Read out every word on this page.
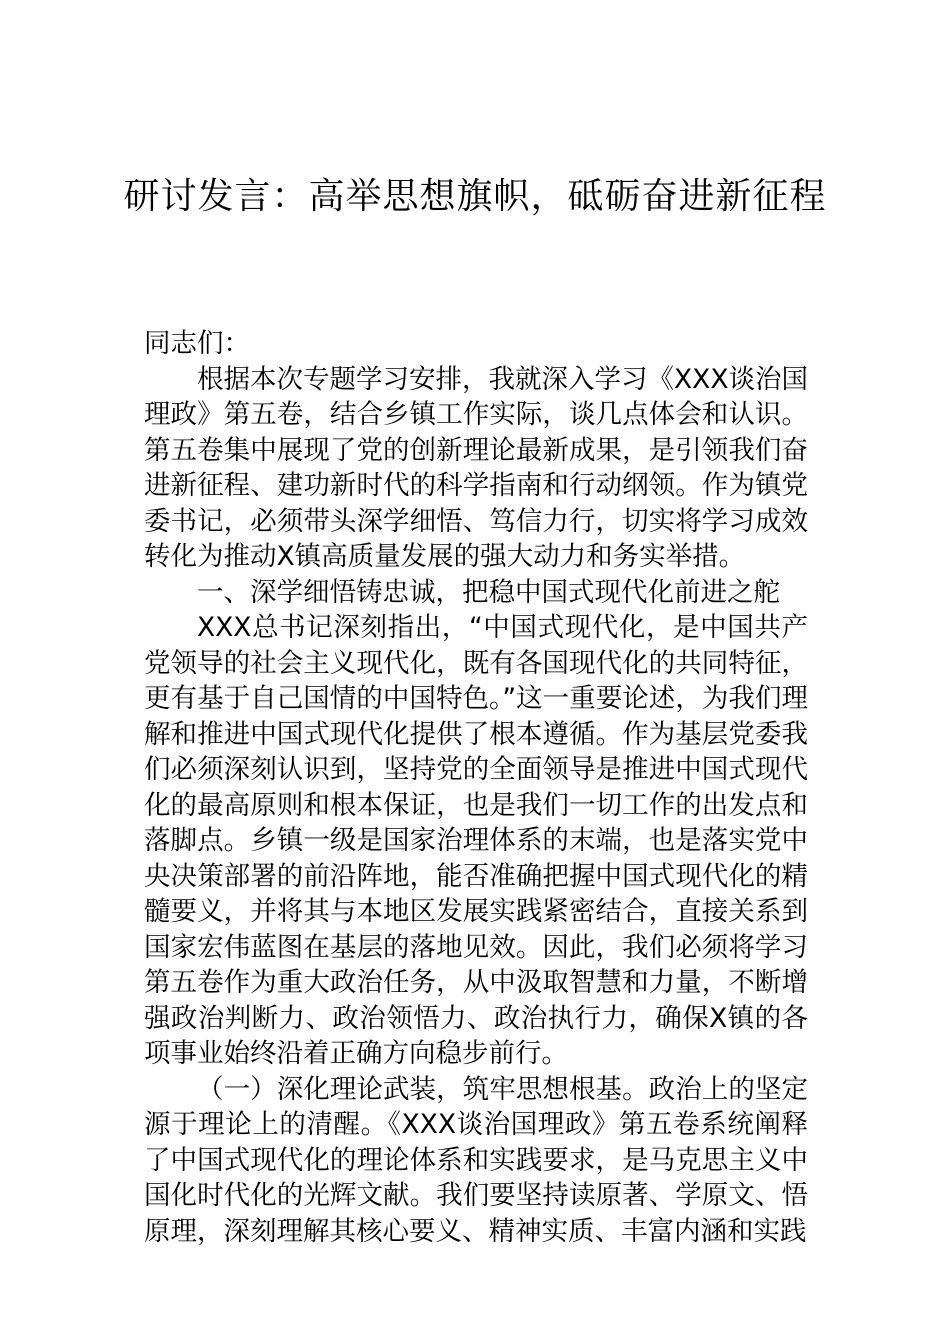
研讨发言：高举思想旗帜，砥砺奋进新征程

同志们：

根据本次专题学习安排，我就深入学习《XXX谈治国理政》第五卷，结合乡镇工作实际，谈几点体会和认识。第五卷集中展现了党的创新理论最新成果，是引领我们奋进新征程、建功新时代的科学指南和行动纲领。作为镇党委书记，必须带头深学细悟、笃信力行，切实将学习成效转化为推动X镇高质量发展的强大动力和务实举措。

一、深学细悟铸忠诚，把稳中国式现代化前进之舵

XXX总书记深刻指出，“中国式现代化，是中国共产党领导的社会主义现代化，既有各国现代化的共同特征，更有基于自己国情的中国特色。”这一重要论述，为我们理解和推进中国式现代化提供了根本遵循。作为基层党委我们必须深刻认识到，坚持党的全面领导是推进中国式现代化的最高原则和根本保证，也是我们一切工作的出发点和落脚点。乡镇一级是国家治理体系的末端，也是落实党中央决策部署的前沿阵地，能否准确把握中国式现代化的精髓要义，并将其与本地区发展实践紧密结合，直接关系到国家宏伟蓝图在基层的落地见效。因此，我们必须将学习第五卷作为重大政治任务，从中汲取智慧和力量，不断增强政治判断力、政治领悟力、政治执行力，确保X镇的各项事业始终沿着正确方向稳步前行。

（一）深化理论武装，筑牢思想根基。政治上的坚定源于理论上的清醒。《XXX谈治国理政》第五卷系统阐释了中国式现代化的理论体系和实践要求，是马克思主义中国化时代化的光辉文献。我们要坚持读原著、学原文、悟原理，深刻理解其核心要义、精神实质、丰富内涵和实践
